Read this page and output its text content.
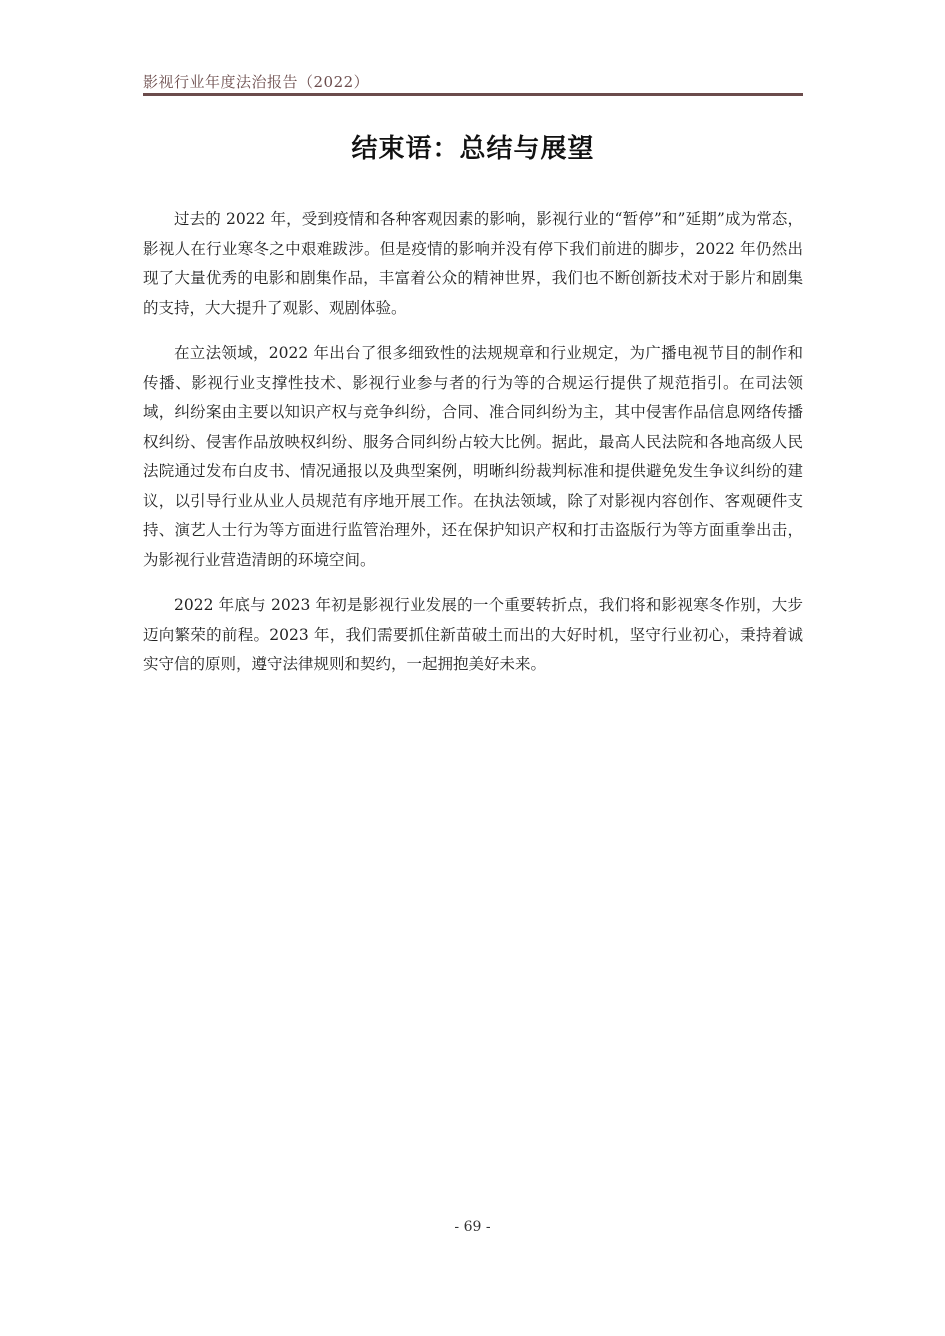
影视行业年度法治报告（2022）
结束语：总结与展望

过去的 2022 年，受到疫情和各种客观因素的影响，影视行业的“暂停”和”延期”成为常态，影视人在行业寒冬之中艰难跋涉。但是疫情的影响并没有停下我们前进的脚步，2022 年仍然出现了大量优秀的电影和剧集作品，丰富着公众的精神世界，我们也不断创新技术对于影片和剧集的支持，大大提升了观影、观剧体验。

在立法领域，2022 年出台了很多细致性的法规规章和行业规定，为广播电视节目的制作和传播、影视行业支撑性技术、影视行业参与者的行为等的合规运行提供了规范指引。在司法领域，纠纷案由主要以知识产权与竞争纠纷，合同、准合同纠纷为主，其中侵害作品信息网络传播权纠纷、侵害作品放映权纠纷、服务合同纠纷占较大比例。据此，最高人民法院和各地高级人民法院通过发布白皮书、情况通报以及典型案例，明晰纠纷裁判标准和提供避免发生争议纠纷的建议，以引导行业从业人员规范有序地开展工作。在执法领域，除了对影视内容创作、客观硬件支持、演艺人士行为等方面进行监管治理外，还在保护知识产权和打击盗版行为等方面重拳出击，为影视行业营造清朗的环境空间。

2022 年底与 2023 年初是影视行业发展的一个重要转折点，我们将和影视寒冬作别，大步迈向繁荣的前程。2023 年，我们需要抓住新苗破土而出的大好时机，坚守行业初心，秉持着诚实守信的原则，遵守法律规则和契约，一起拥抱美好未来。

- 69 -
